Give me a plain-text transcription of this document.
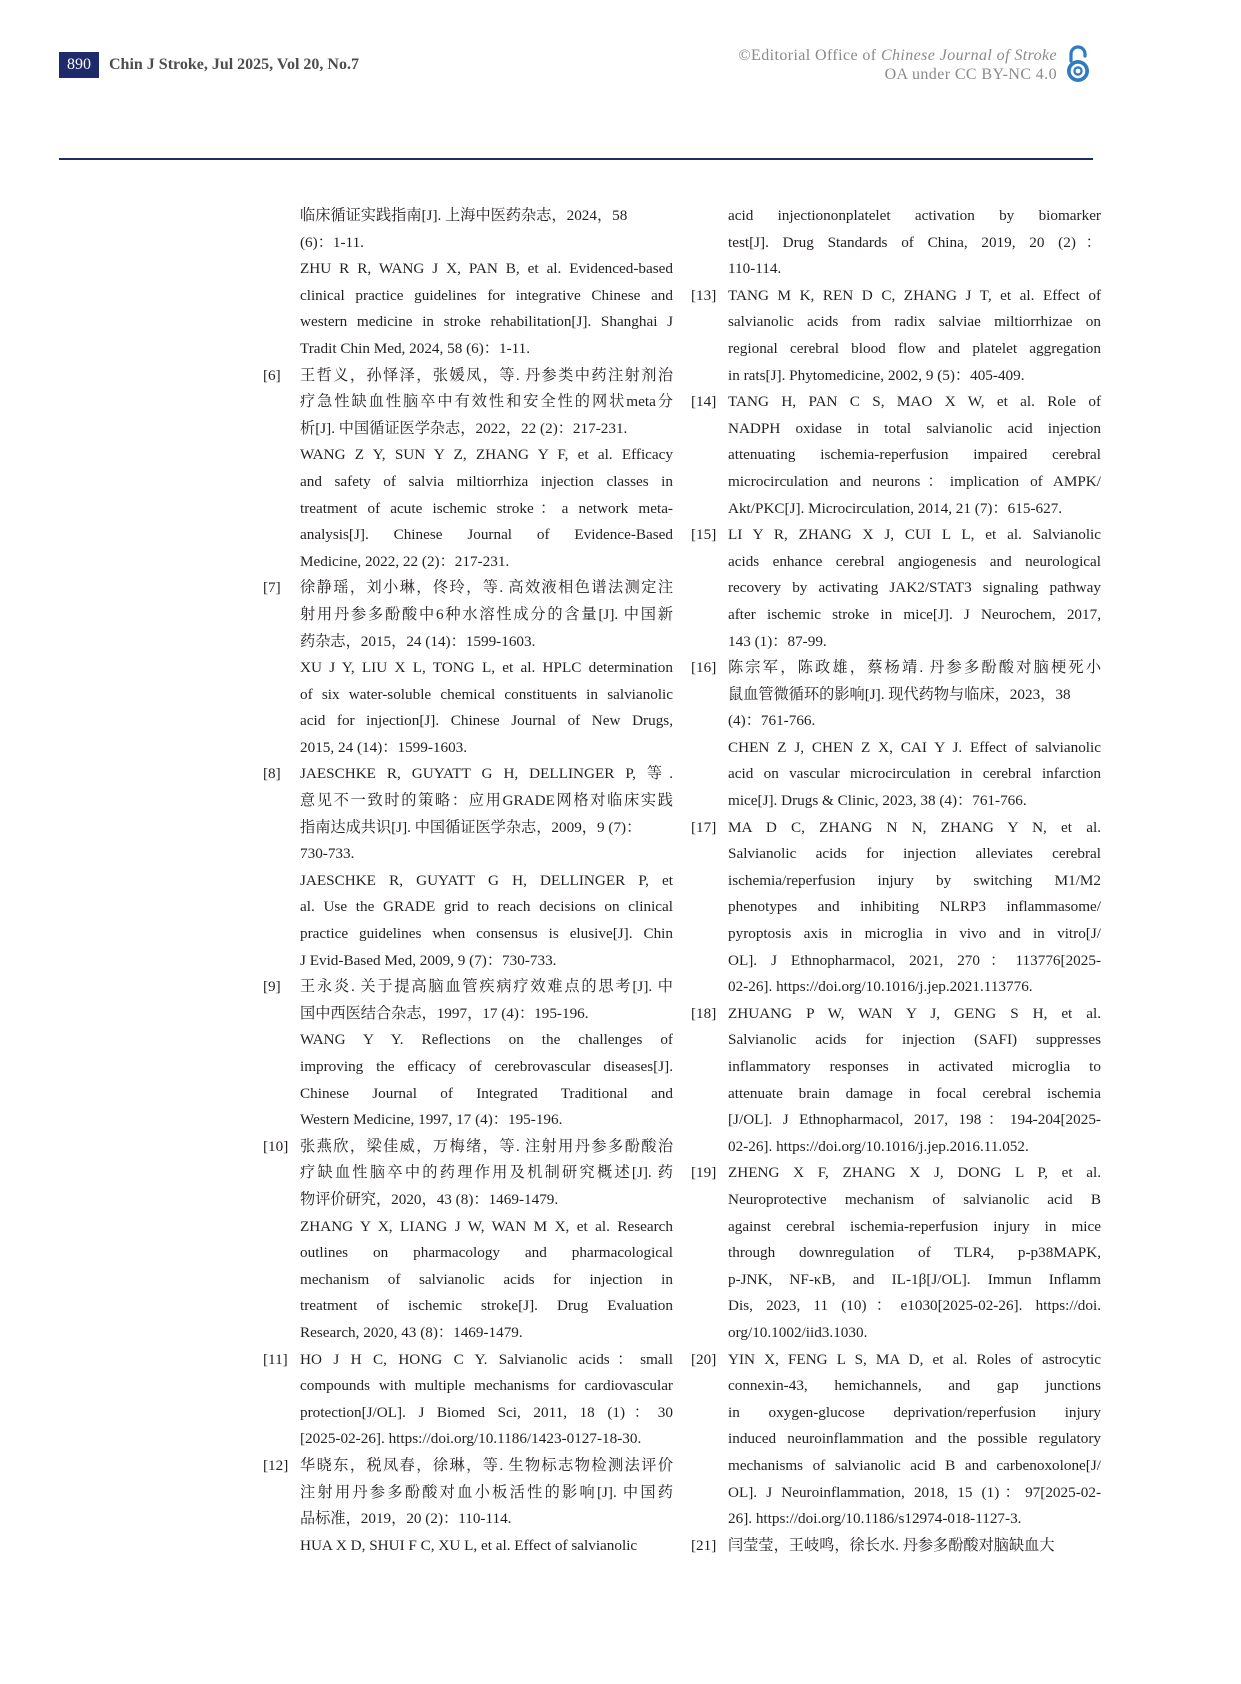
890	Chin J Stroke, Jul 2025, Vol 20, No.7
©Editorial Office of Chinese Journal of Stroke
OA under CC BY-NC 4.0
临床循证实践指南[J]. 上海中医药杂志，2024，58
(6)：1-11.
ZHU R R, WANG J X, PAN B, et al. Evidenced-based
clinical practice guidelines for integrative Chinese and
western medicine in stroke rehabilitation[J]. Shanghai J
Tradit Chin Med, 2024, 58 (6)：1-11.
[6] 王哲义，孙怿泽，张媛凤，等. 丹参类中药注射剂治
疗急性缺血性脑卒中有效性和安全性的网状meta分
析[J]. 中国循证医学杂志，2022，22 (2)：217-231.
WANG Z Y, SUN Y Z, ZHANG Y F, et al. Efficacy
and safety of salvia miltiorrhiza injection classes in
treatment of acute ischemic stroke：a network meta-
analysis[J]. Chinese Journal of Evidence-Based
Medicine, 2022, 22 (2)：217-231.
[7] 徐静瑶，刘小琳，佟玲，等. 高效液相色谱法测定注
射用丹参多酚酸中6种水溶性成分的含量[J]. 中国新
药杂志，2015，24 (14)：1599-1603.
XU J Y, LIU X L, TONG L, et al. HPLC determination
of six water-soluble chemical constituents in salvianolic
acid for injection[J]. Chinese Journal of New Drugs,
2015, 24 (14)：1599-1603.
[8] JAESCHKE R, GUYATT G H, DELLINGER P, 等.
意见不一致时的策略：应用GRADE网格对临床实践
指南达成共识[J]. 中国循证医学杂志，2009，9 (7)：
730-733.
JAESCHKE R, GUYATT G H, DELLINGER P, et
al. Use the GRADE grid to reach decisions on clinical
practice guidelines when consensus is elusive[J]. Chin
J Evid-Based Med, 2009, 9 (7)：730-733.
[9] 王永炎. 关于提高脑血管疾病疗效难点的思考[J]. 中
国中西医结合杂志，1997，17 (4)：195-196.
WANG Y Y. Reflections on the challenges of
improving the efficacy of cerebrovascular diseases[J].
Chinese Journal of Integrated Traditional and
Western Medicine, 1997, 17 (4)：195-196.
[10] 张燕欣，梁佳威，万梅绪，等. 注射用丹参多酚酸治
疗缺血性脑卒中的药理作用及机制研究概述[J]. 药
物评价研究，2020，43 (8)：1469-1479.
ZHANG Y X, LIANG J W, WAN M X, et al. Research
outlines on pharmacology and pharmacological
mechanism of salvianolic acids for injection in
treatment of ischemic stroke[J]. Drug Evaluation
Research, 2020, 43 (8)：1469-1479.
[11] HO J H C, HONG C Y. Salvianolic acids：small
compounds with multiple mechanisms for cardiovascular
protection[J/OL]. J Biomed Sci, 2011, 18 (1)：30
[2025-02-26]. https://doi.org/10.1186/1423-0127-18-30.
[12] 华晓东，税凤春，徐琳，等. 生物标志物检测法评价
注射用丹参多酚酸对血小板活性的影响[J]. 中国药
品标准，2019，20 (2)：110-114.
HUA X D, SHUI F C, XU L, et al. Effect of salvianolic
acid injectiononplatelet activation by biomarker
test[J]. Drug Standards of China, 2019, 20 (2)：
110-114.
[13] TANG M K, REN D C, ZHANG J T, et al. Effect of
salvianolic acids from radix salviae miltiorrhizae on
regional cerebral blood flow and platelet aggregation
in rats[J]. Phytomedicine, 2002, 9 (5)：405-409.
[14] TANG H, PAN C S, MAO X W, et al. Role of
NADPH oxidase in total salvianolic acid injection
attenuating ischemia-reperfusion impaired cerebral
microcirculation and neurons：implication of AMPK/
Akt/PKC[J]. Microcirculation, 2014, 21 (7)：615-627.
[15] LI Y R, ZHANG X J, CUI L L, et al. Salvianolic
acids enhance cerebral angiogenesis and neurological
recovery by activating JAK2/STAT3 signaling pathway
after ischemic stroke in mice[J]. J Neurochem, 2017,
143 (1)：87-99.
[16] 陈宗军，陈政雄，蔡杨靖. 丹参多酚酸对脑梗死小
鼠血管微循环的影响[J]. 现代药物与临床，2023，38
(4)：761-766.
CHEN Z J, CHEN Z X, CAI Y J. Effect of salvianolic
acid on vascular microcirculation in cerebral infarction
mice[J]. Drugs & Clinic, 2023, 38 (4)：761-766.
[17] MA D C, ZHANG N N, ZHANG Y N, et al.
Salvianolic acids for injection alleviates cerebral
ischemia/reperfusion injury by switching M1/M2
phenotypes and inhibiting NLRP3 inflammasome/
pyroptosis axis in microglia in vivo and in vitro[J/
OL]. J Ethnopharmacol, 2021, 270：113776[2025-
02-26]. https://doi.org/10.1016/j.jep.2021.113776.
[18] ZHUANG P W, WAN Y J, GENG S H, et al.
Salvianolic acids for injection (SAFI) suppresses
inflammatory responses in activated microglia to
attenuate brain damage in focal cerebral ischemia
[J/OL]. J Ethnopharmacol, 2017, 198：194-204[2025-
02-26]. https://doi.org/10.1016/j.jep.2016.11.052.
[19] ZHENG X F, ZHANG X J, DONG L P, et al.
Neuroprotective mechanism of salvianolic acid B
against cerebral ischemia-reperfusion injury in mice
through downregulation of TLR4, p-p38MAPK,
p-JNK, NF-κB, and IL-1β[J/OL]. Immun Inflamm
Dis, 2023, 11 (10)：e1030[2025-02-26]. https://doi.
org/10.1002/iid3.1030.
[20] YIN X, FENG L S, MA D, et al. Roles of astrocytic
connexin-43, hemichannels, and gap junctions
in oxygen-glucose deprivation/reperfusion injury
induced neuroinflammation and the possible regulatory
mechanisms of salvianolic acid B and carbenoxolone[J/
OL]. J Neuroinflammation, 2018, 15 (1)：97[2025-02-
26]. https://doi.org/10.1186/s12974-018-1127-3.
[21] 闫莹莹，王岐鸣，徐长水. 丹参多酚酸对脑缺血大
